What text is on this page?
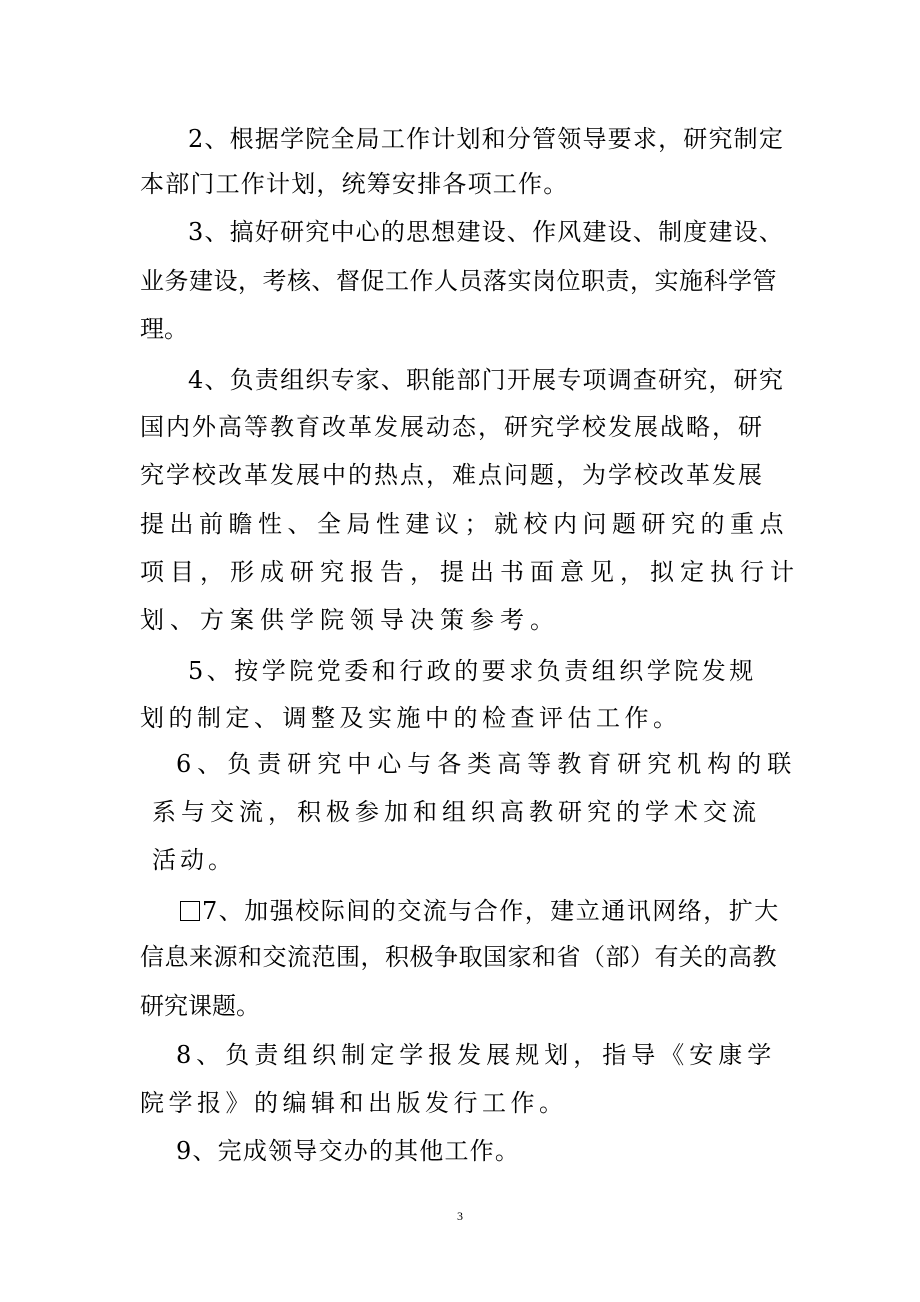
2、根据学院全局工作计划和分管领导要求，研究制定
本部门工作计划，统筹安排各项工作。
3、搞好研究中心的思想建设、作风建设、制度建设、
业务建设，考核、督促工作人员落实岗位职责，实施科学管
理。
4、负责组织专家、职能部门开展专项调查研究，研究
国内外高等教育改革发展动态，研究学校发展战略，研
究学校改革发展中的热点，难点问题，为学校改革发展
提出前瞻性、全局性建议；就校内问题研究的重点
项目，形成研究报告，提出书面意见，拟定执行计
划、方案供学院领导决策参考。
5、按学院党委和行政的要求负责组织学院发规
划的制定、调整及实施中的检查评估工作。
6、负责研究中心与各类高等教育研究机构的联
系与交流，积极参加和组织高教研究的学术交流
活动。
7、加强校际间的交流与合作，建立通讯网络，扩大
信息来源和交流范围，积极争取国家和省（部）有关的高教
研究课题。
8、负责组织制定学报发展规划，指导《安康学
院学报》的编辑和出版发行工作。
9、完成领导交办的其他工作。
3
